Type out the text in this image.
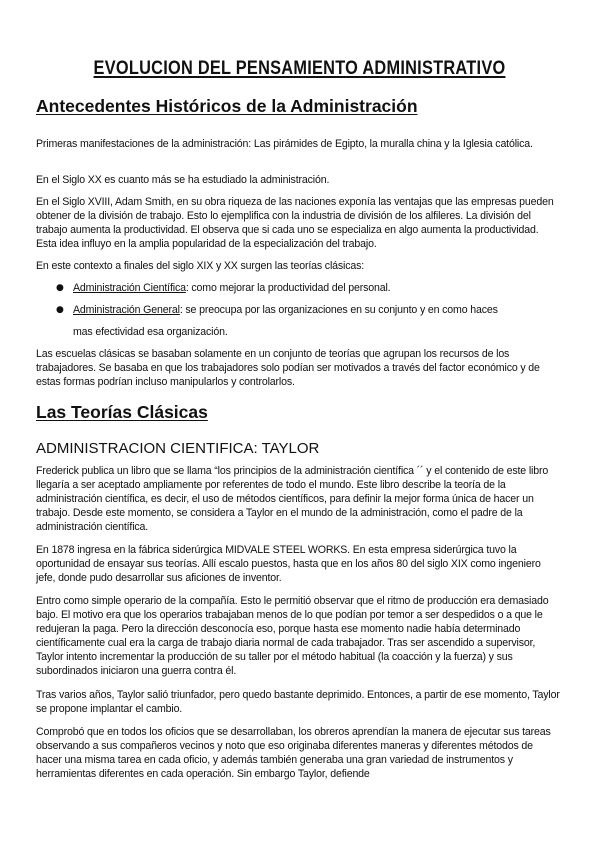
EVOLUCION DEL PENSAMIENTO ADMINISTRATIVO
Antecedentes Históricos de la Administración

Primeras manifestaciones de la administración: Las pirámides de Egipto, la muralla china y la Iglesia católica.

En el Siglo XX es cuanto más se ha estudiado la administración.

En el Siglo XVIII, Adam Smith, en su obra riqueza de las naciones exponía las ventajas que las empresas pueden obtener de la división de trabajo. Esto lo ejemplifica con la industria de división de los alfileres. La división del trabajo aumenta la productividad. El observa que si cada uno se especializa en algo aumenta la productividad. Esta idea influyo en la amplia popularidad de la especialización del trabajo.

En este contexto a finales del siglo XIX y XX surgen las teorías clásicas:

● Administración Científica: como mejorar la productividad del personal.
● Administración General: se preocupa por las organizaciones en su conjunto y en como haces
mas efectividad esa organización.

Las escuelas clásicas se basaban solamente en un conjunto de teorías que agrupan los recursos de los trabajadores. Se basaba en que los trabajadores solo podían ser motivados a través del factor económico y de estas formas podrían incluso manipularlos y controlarlos.

Las Teorías Clásicas
ADMINISTRACION CIENTIFICA: TAYLOR

Frederick publica un libro que se llama “los principios de la administración científica ´´ y el contenido de este libro llegaría a ser aceptado ampliamente por referentes de todo el mundo. Este libro describe la teoría de la administración científica, es decir, el uso de métodos científicos, para definir la mejor forma única de hacer un trabajo. Desde este momento, se considera a Taylor en el mundo de la administración, como el padre de la administración científica.

En 1878 ingresa en la fábrica siderúrgica MIDVALE STEEL WORKS. En esta empresa siderúrgica tuvo la oportunidad de ensayar sus teorías. Allí escalo puestos, hasta que en los años 80 del siglo XIX como ingeniero jefe, donde pudo desarrollar sus aficiones de inventor.

Entro como simple operario de la compañía. Esto le permitió observar que el ritmo de producción era demasiado bajo. El motivo era que los operarios trabajaban menos de lo que podían por temor a ser despedidos o a que le redujeran la paga. Pero la dirección desconocía eso, porque hasta ese momento nadie había determinado científicamente cual era la carga de trabajo diaria normal de cada trabajador. Tras ser ascendido a supervisor, Taylor intento incrementar la producción de su taller por el método habitual (la coacción y la fuerza) y sus subordinados iniciaron una guerra contra él.

Tras varios años, Taylor salió triunfador, pero quedo bastante deprimido. Entonces, a partir de ese momento, Taylor se propone implantar el cambio.

Comprobó que en todos los oficios que se desarrollaban, los obreros aprendían la manera de ejecutar sus tareas observando a sus compañeros vecinos y noto que eso originaba diferentes maneras y diferentes métodos de hacer una misma tarea en cada oficio, y además también generaba una gran variedad de instrumentos y herramientas diferentes en cada operación. Sin embargo Taylor, defiende
